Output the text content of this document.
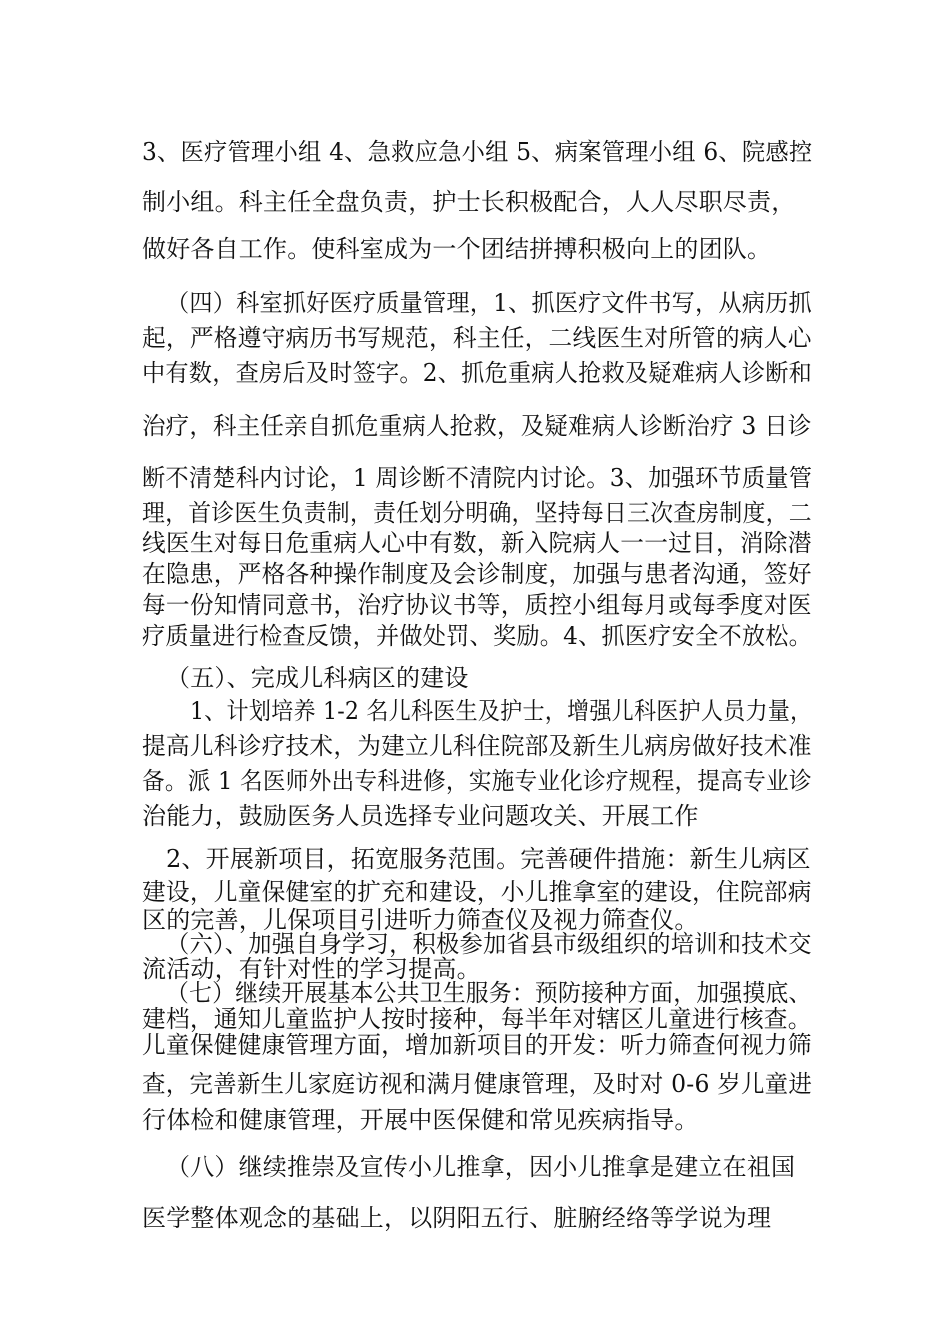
3、医疗管理小组 4、急救应急小组 5、病案管理小组 6、院感控
制小组。科主任全盘负责，护士长积极配合，人人尽职尽责，
做好各自工作。使科室成为一个团结拼搏积极向上的团队。
（四）科室抓好医疗质量管理，1、抓医疗文件书写，从病历抓
起，严格遵守病历书写规范，科主任，二线医生对所管的病人心
中有数，查房后及时签字。2、抓危重病人抢救及疑难病人诊断和
治疗，科主任亲自抓危重病人抢救，及疑难病人诊断治疗 3 日诊
断不清楚科内讨论，1 周诊断不清院内讨论。3、加强环节质量管
理，首诊医生负责制，责任划分明确，坚持每日三次查房制度，二
线医生对每日危重病人心中有数，新入院病人一一过目，消除潜
在隐患，严格各种操作制度及会诊制度，加强与患者沟通，签好
每一份知情同意书，治疗协议书等，质控小组每月或每季度对医
疗质量进行检查反馈，并做处罚、奖励。4、抓医疗安全不放松。
（五）、完成儿科病区的建设
1、计划培养 1-2 名儿科医生及护士，增强儿科医护人员力量，
提高儿科诊疗技术，为建立儿科住院部及新生儿病房做好技术准
备。派 1 名医师外出专科进修，实施专业化诊疗规程，提高专业诊
治能力，鼓励医务人员选择专业问题攻关、开展工作
2、开展新项目，拓宽服务范围。完善硬件措施：新生儿病区
建设，儿童保健室的扩充和建设，小儿推拿室的建设，住院部病
区的完善，儿保项目引进听力筛查仪及视力筛查仪。
（六）、加强自身学习，积极参加省县市级组织的培训和技术交
流活动，有针对性的学习提高。
（七）继续开展基本公共卫生服务：预防接种方面，加强摸底、
建档，通知儿童监护人按时接种，每半年对辖区儿童进行核查。
儿童保健健康管理方面，增加新项目的开发：听力筛查何视力筛
查，完善新生儿家庭访视和满月健康管理，及时对 0-6 岁儿童进
行体检和健康管理，开展中医保健和常见疾病指导。
（八）继续推崇及宣传小儿推拿，因小儿推拿是建立在祖国
医学整体观念的基础上，以阴阳五行、脏腑经络等学说为理
